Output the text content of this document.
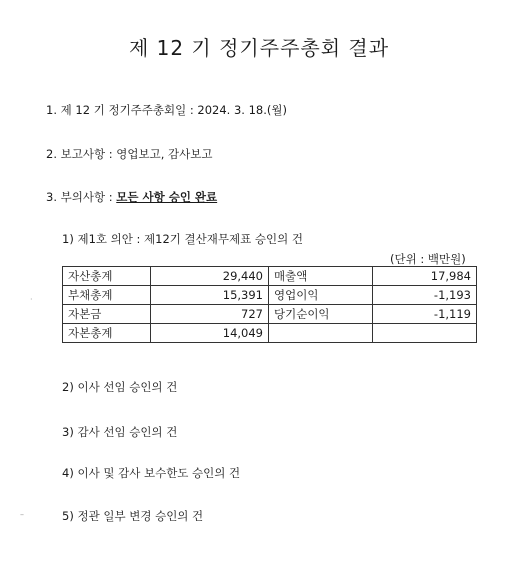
제 12 기 정기주주총회 결과
1. 제 12 기 정기주주총회일 : 2024. 3. 18.(월)
2. 보고사항 : 영업보고, 감사보고
3. 부의사항 : 모든 사항 승인 완료
1) 제1호 의안 : 제12기 결산재무제표 승인의 건
(단위 : 백만원)
자산총계	29,440	매출액	17,984
부채총계	15,391	영업이익	-1,193
자본금	727	당기순이익	-1,119
자본총계	14,049		
2) 이사 선임 승인의 건
3) 감사 선임 승인의 건
4) 이사 및 감사 보수한도 승인의 건
5) 정관 일부 변경 승인의 건
·
–
